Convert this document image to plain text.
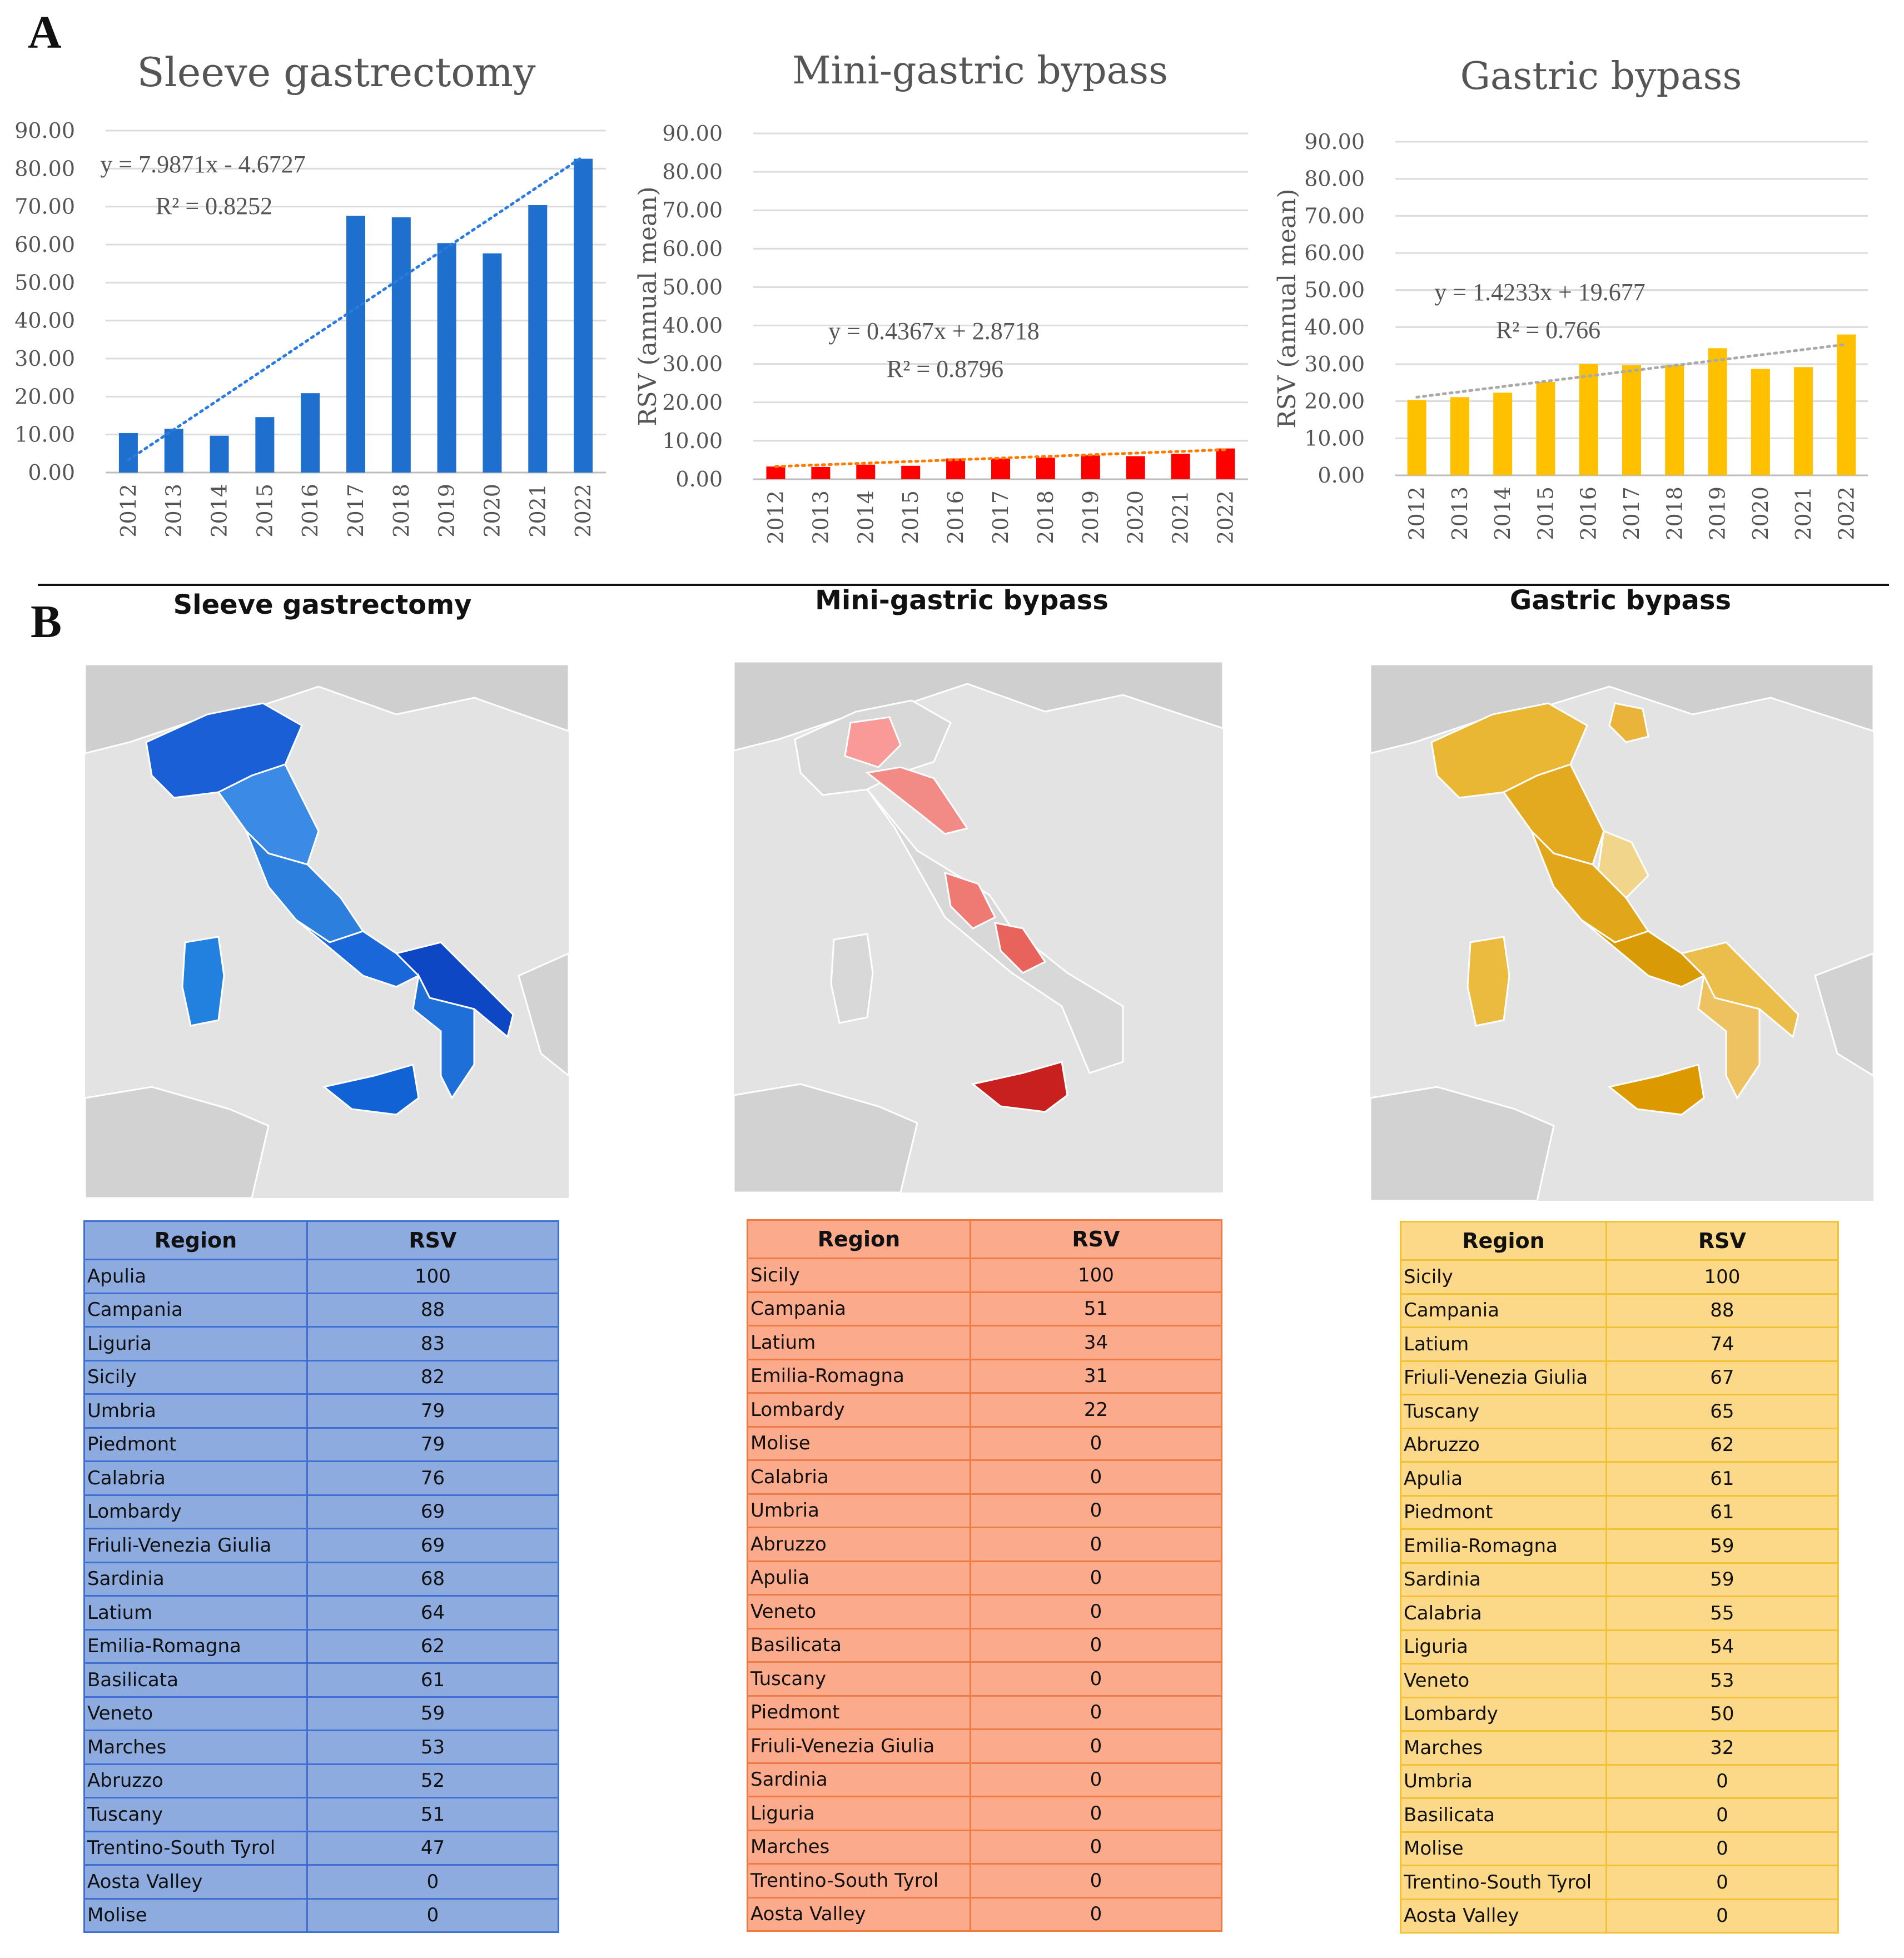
A
Sleeve gastrectomy
0.00
10.00
20.00
30.00
40.00
50.00
60.00
70.00
80.00
90.00
2012 2013 2014 2015 2016 2017 2018 2019 2020 2021 2022
y = 7.9871x - 4.6727
R² = 0.8252
Mini-gastric bypass
0.00
10.00
20.00
30.00
40.00
50.00
60.00
70.00
80.00
90.00
RSV (annual mean)
2012 2013 2014 2015 2016 2017 2018 2019 2020 2021 2022
y = 0.4367x + 2.8718
R² = 0.8796
Gastric bypass
0.00
10.00
20.00
30.00
40.00
50.00
60.00
70.00
80.00
90.00
RSV (annual mean)
2012 2013 2014 2015 2016 2017 2018 2019 2020 2021 2022
y = 1.4233x + 19.677
R² = 0.766
B	Sleeve gastrectomy	Mini-gastric bypass	Gastric bypass
Region	RSV
Apulia	100
Campania	88
Liguria	83
Sicily	82
Umbria	79
Piedmont	79
Calabria	76
Lombardy	69
Friuli-Venezia Giulia	69
Sardinia	68
Latium	64
Emilia-Romagna	62
Basilicata	61
Veneto	59
Marches	53
Abruzzo	52
Tuscany	51
Trentino-South Tyrol	47
Aosta Valley	0
Molise	0
Region	RSV
Sicily	100
Campania	51
Latium	34
Emilia-Romagna	31
Lombardy	22
Molise	0
Calabria	0
Umbria	0
Abruzzo	0
Apulia	0
Veneto	0
Basilicata	0
Tuscany	0
Piedmont	0
Friuli-Venezia Giulia	0
Sardinia	0
Liguria	0
Marches	0
Trentino-South Tyrol	0
Aosta Valley	0
Region	RSV
Sicily	100
Campania	88
Latium	74
Friuli-Venezia Giulia	67
Tuscany	65
Abruzzo	62
Apulia	61
Piedmont	61
Emilia-Romagna	59
Sardinia	59
Calabria	55
Liguria	54
Veneto	53
Lombardy	50
Marches	32
Umbria	0
Basilicata	0
Molise	0
Trentino-South Tyrol	0
Aosta Valley	0
